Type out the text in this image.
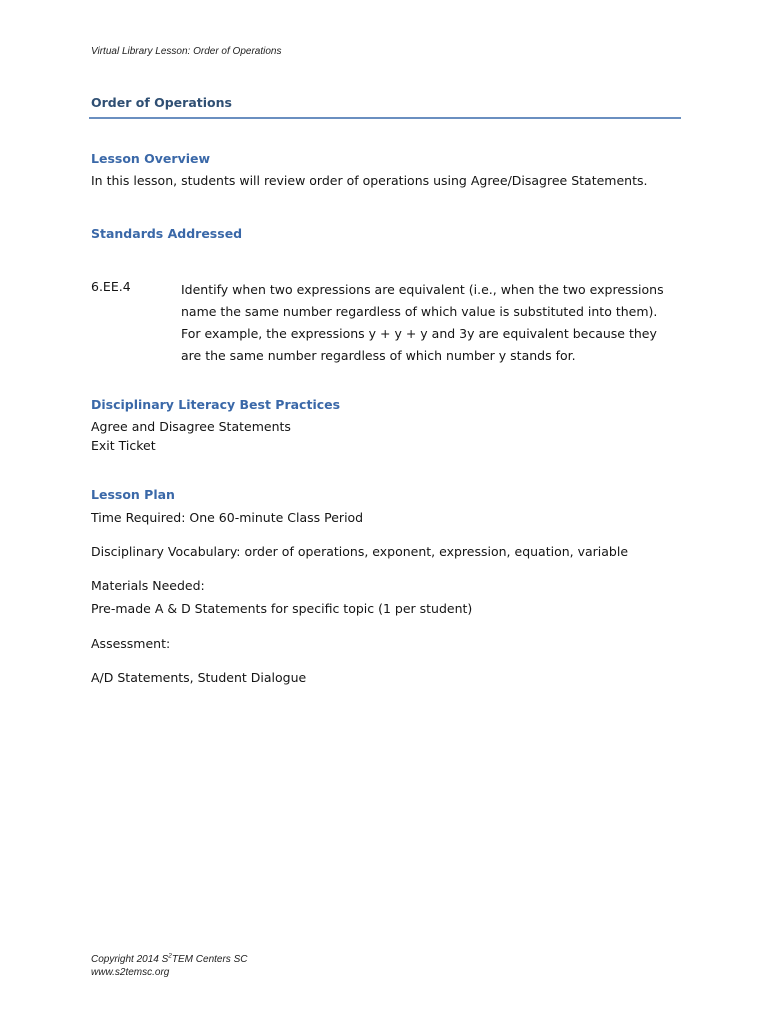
Virtual Library Lesson: Order of Operations
Order of Operations
Lesson Overview
In this lesson, students will review order of operations using Agree/Disagree Statements.
Standards Addressed
6.EE.4	Identify when two expressions are equivalent (i.e., when the two expressions name the same number regardless of which value is substituted into them). For example, the expressions y + y + y and 3y are equivalent because they are the same number regardless of which number y stands for.
Disciplinary Literacy Best Practices
Agree and Disagree Statements
Exit Ticket
Lesson Plan
Time Required: One 60-minute Class Period
Disciplinary Vocabulary: order of operations, exponent, expression, equation, variable
Materials Needed:
Pre-made A & D Statements for specific topic (1 per student)
Assessment:
A/D Statements, Student Dialogue
Copyright 2014 $S^2TEM$ Centers SC
www.s2temsc.org
